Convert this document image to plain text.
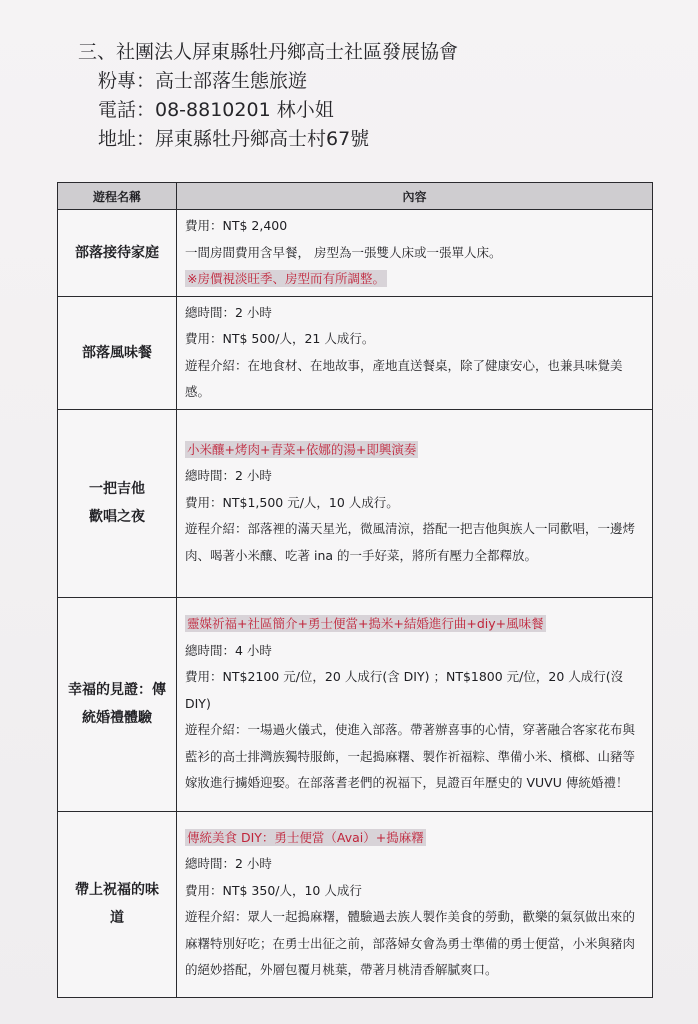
三、社團法人屏東縣牡丹鄉高士社區發展協會
粉專：高士部落生態旅遊
電話：08-8810201 林小姐
地址：屏東縣牡丹鄉高士村67號
遊程名稱	內容
部落接待家庭	費用：NT$ 2,400
一間房間費用含早餐， 房型為一張雙人床或一張單人床。
※房價視淡旺季、房型而有所調整。

部落風味餐	總時間：2 小時
費用：NT$ 500/人，21 人成行。
遊程介紹：在地食材、在地故事，產地直送餐桌，除了健康安心，也兼具味覺美感。

一把吉他歡唱之夜	小米釀+烤肉+青菜+依娜的湯+即興演奏
總時間：2 小時
費用：NT$1,500 元/人，10 人成行。
遊程介紹：部落裡的滿天星光，微風清涼，搭配一把吉他與族人一同歡唱，一邊烤肉、喝著小米釀、吃著 ina 的一手好菜，將所有壓力全都釋放。

幸福的見證：傳統婚禮體驗	靈媒祈福+社區簡介+勇士便當+搗米+結婚進行曲+diy+風味餐
總時間：4 小時
費用：NT$2100 元/位，20 人成行(含 DIY) ；NT$1800 元/位，20 人成行(沒 DIY)
遊程介紹：一場過火儀式，使進入部落。帶著辦喜事的心情，穿著融合客家花布與藍衫的高士排灣族獨特服飾，一起搗麻糬、製作祈福粽、準備小米、檳榔、山豬等嫁妝進行擄婚迎娶。在部落耆老們的祝福下，見證百年歷史的 VUVU 傳統婚禮！

帶上祝福的味道	傳統美食 DIY：勇士便當（Avai）+搗麻糬
總時間：2 小時
費用：NT$ 350/人，10 人成行
遊程介紹：眾人一起搗麻糬，體驗過去族人製作美食的勞動，歡樂的氣氛做出來的麻糬特別好吃；在勇士出征之前，部落婦女會為勇士準備的勇士便當，小米與豬肉的絕妙搭配，外層包覆月桃葉，帶著月桃清香解膩爽口。
